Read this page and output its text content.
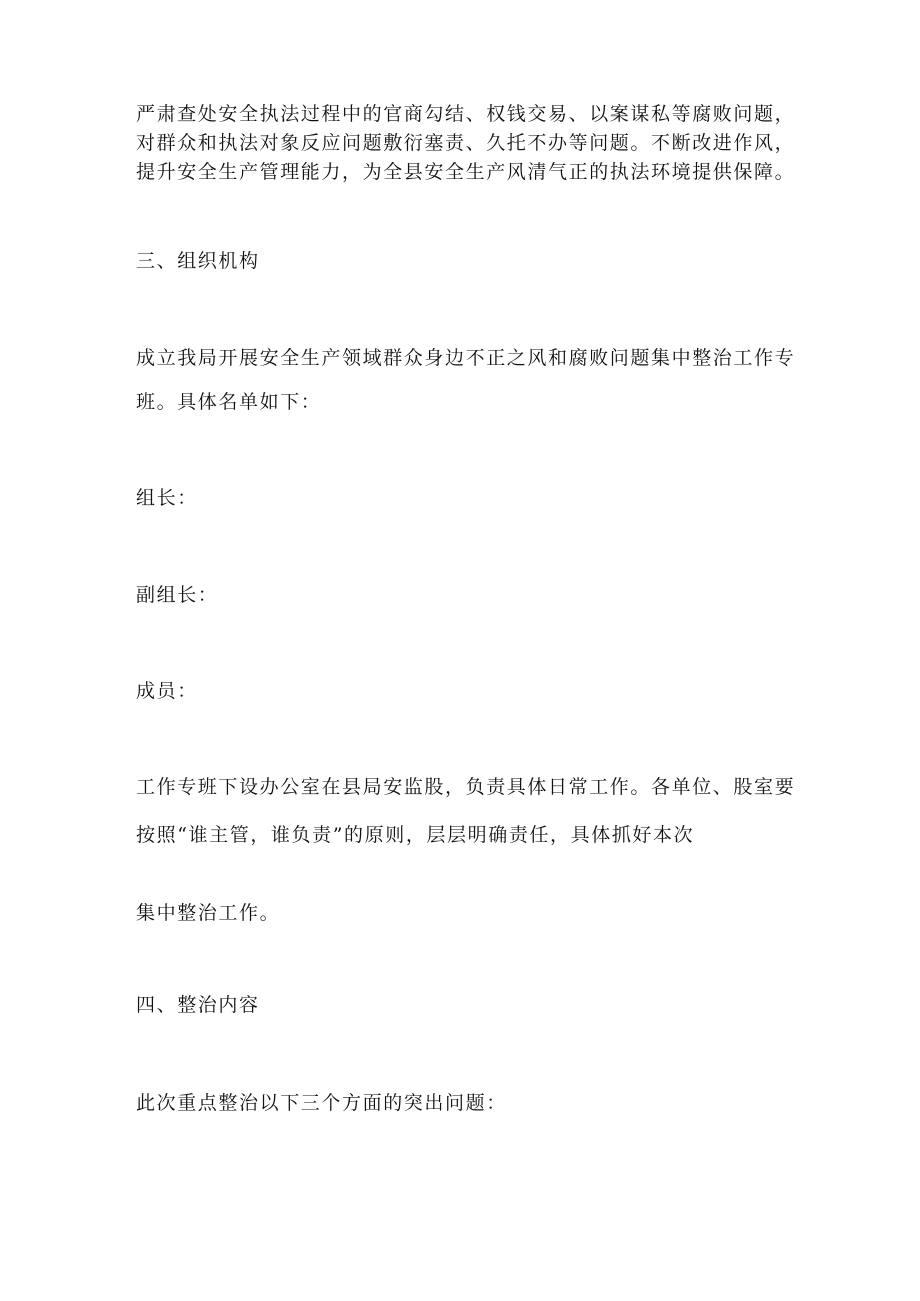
严肃查处安全执法过程中的官商勾结、权钱交易、以案谋私等腐败问题，
对群众和执法对象反应问题敷衍塞责、久托不办等问题。不断改进作风，
提升安全生产管理能力，为全县安全生产风清气正的执法环境提供保障。
三、组织机构
成立我局开展安全生产领域群众身边不正之风和腐败问题集中整治工作专
班。具体名单如下：
组长：
副组长：
成员：
工作专班下设办公室在县局安监股，负责具体日常工作。各单位、股室要
按照“谁主管，谁负责”的原则，层层明确责任，具体抓好本次
集中整治工作。
四、整治内容
此次重点整治以下三个方面的突出问题：
